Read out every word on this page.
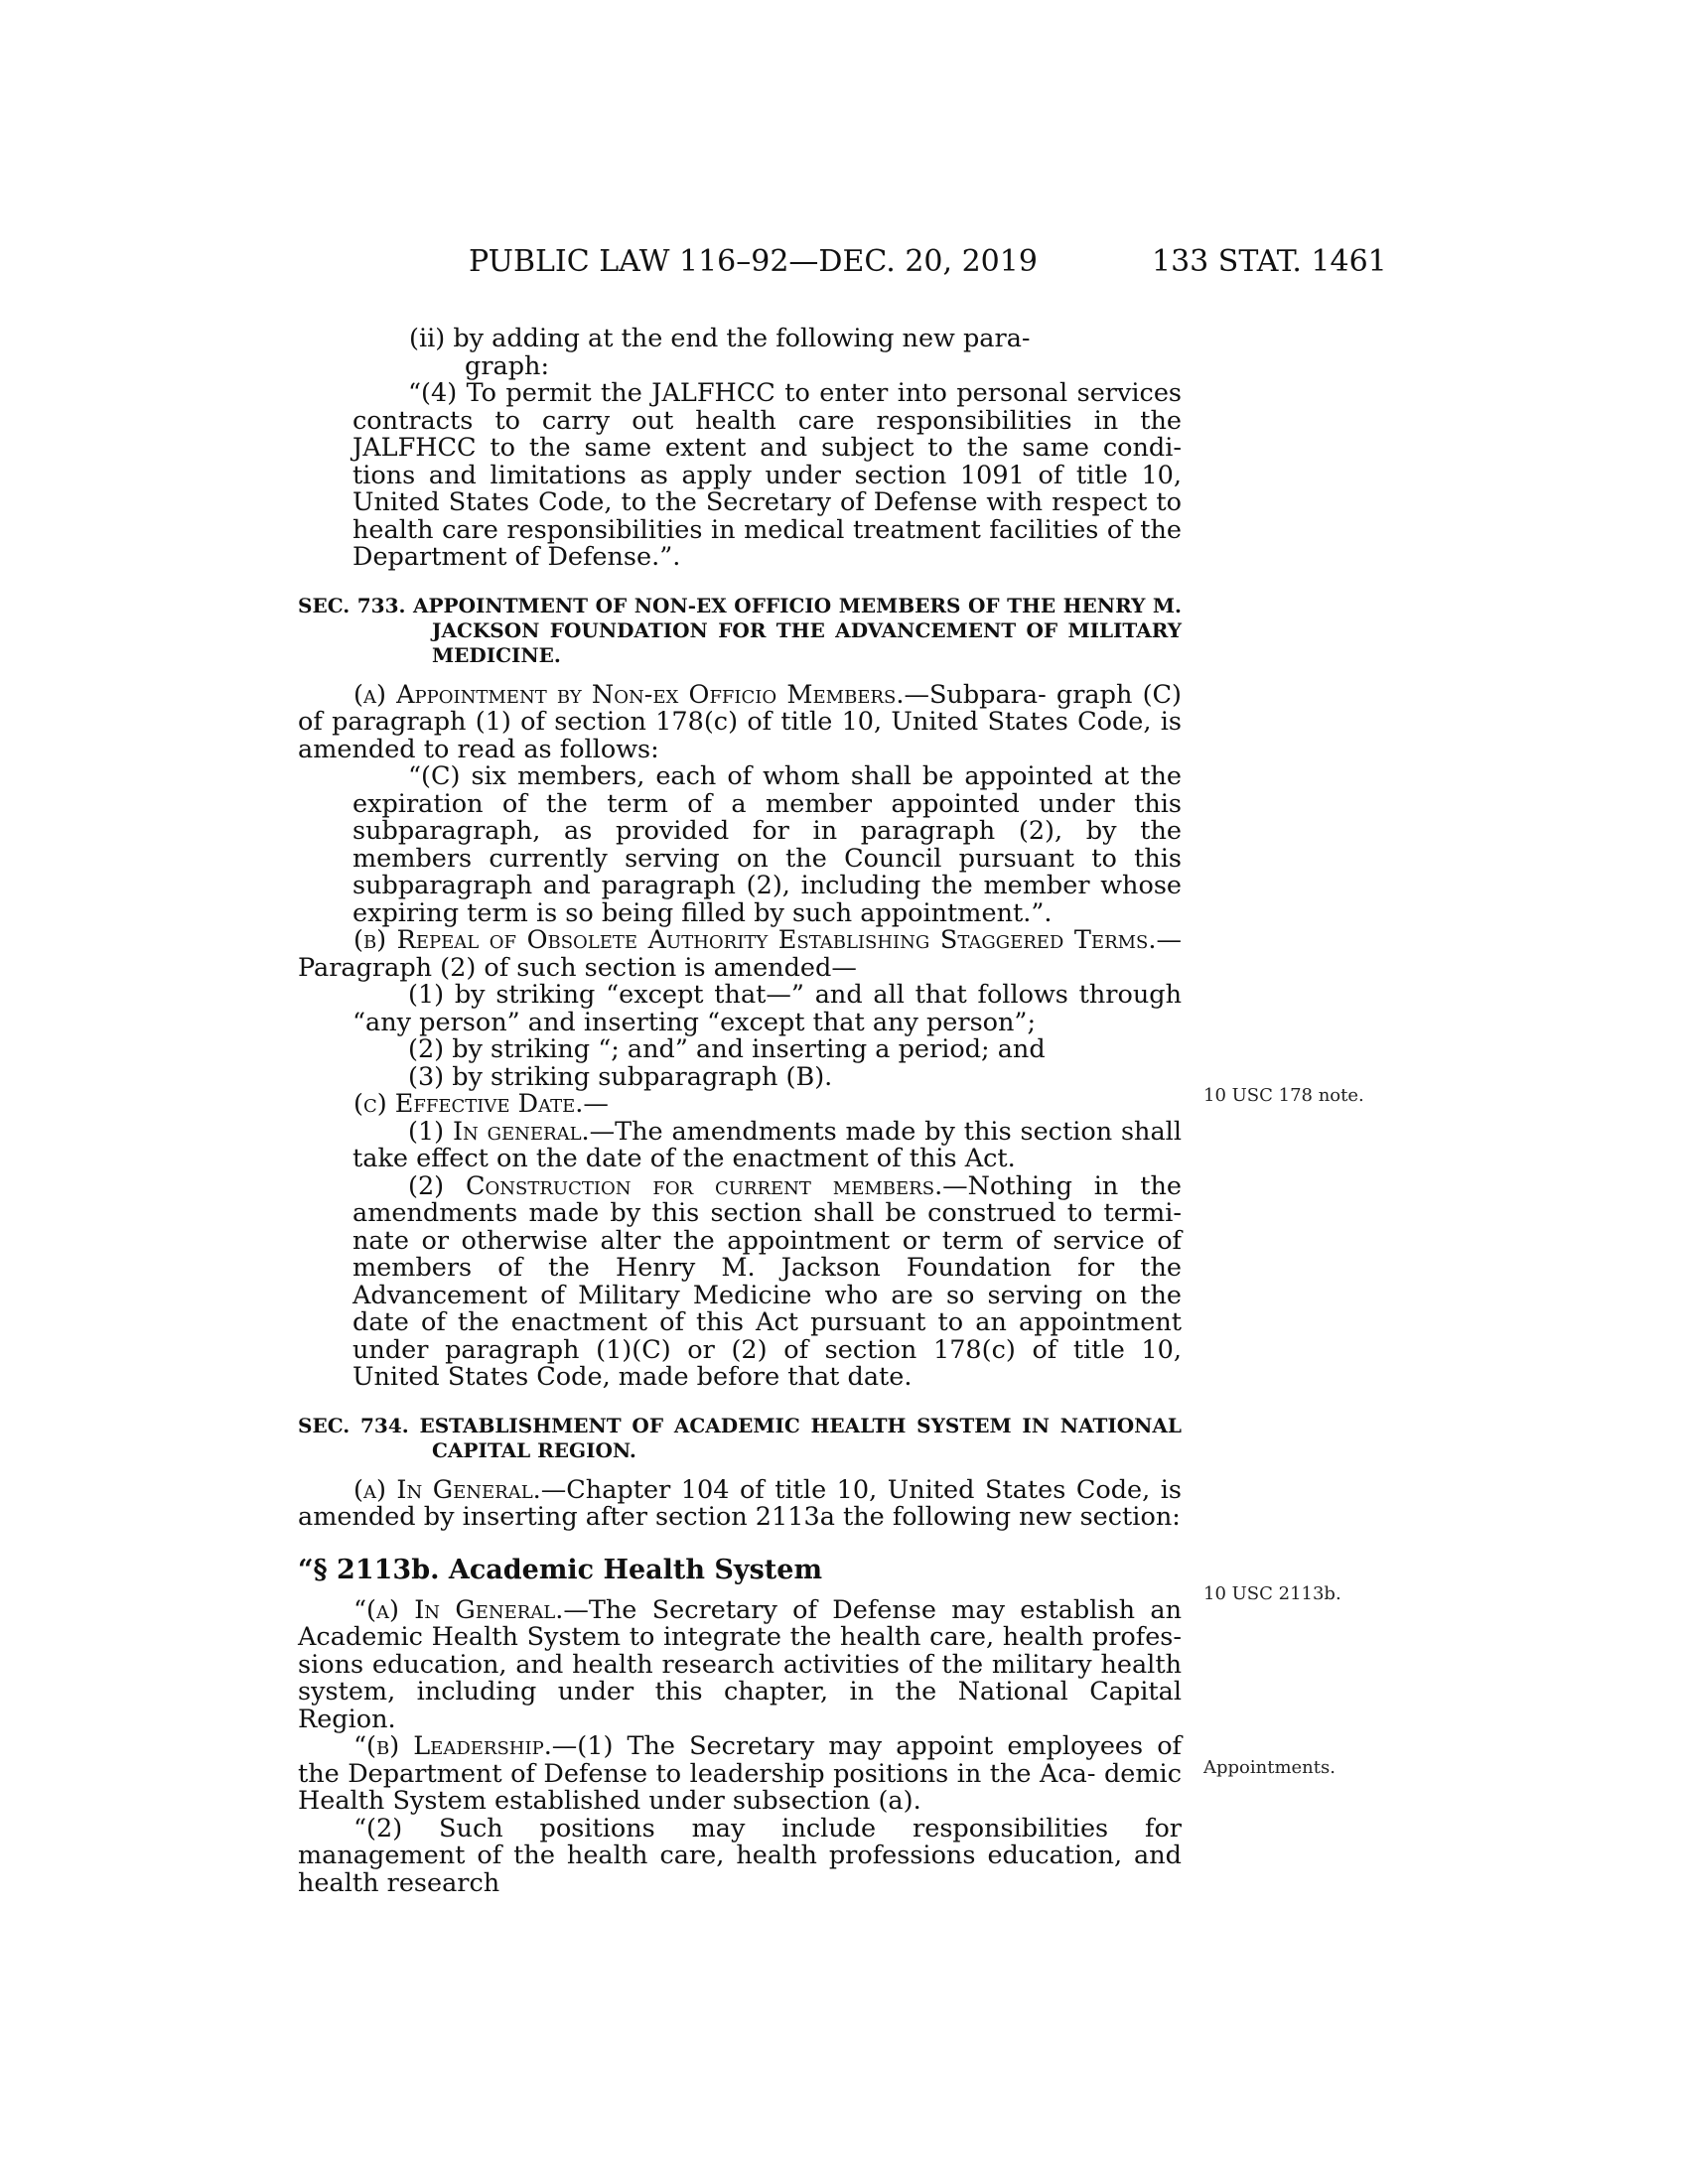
PUBLIC LAW 116–92—DEC. 20, 2019	133 STAT. 1461

(ii) by adding at the end the following new para-

graph:

“(4) To permit the JALFHCC to enter into personal services contracts to carry out health care responsibilities in the JALFHCC to the same extent and subject to the same condi- tions and limitations as apply under section 1091 of title 10, United States Code, to the Secretary of Defense with respect to health care responsibilities in medical treatment facilities of the Department of Defense.”.

SEC. 733. APPOINTMENT OF NON-EX OFFICIO MEMBERS OF THE HENRY M. JACKSON FOUNDATION FOR THE ADVANCEMENT OF MILITARY MEDICINE.

(a) Appointment by Non-ex Officio Members.—Subpara- graph (C) of paragraph (1) of section 178(c) of title 10, United States Code, is amended to read as follows:

“(C) six members, each of whom shall be appointed at the expiration of the term of a member appointed under this subparagraph, as provided for in paragraph (2), by the members currently serving on the Council pursuant to this subparagraph and paragraph (2), including the member whose expiring term is so being filled by such appointment.”.

(b) Repeal of Obsolete Authority Establishing Staggered Terms.—Paragraph (2) of such section is amended—

(1) by striking “except that—” and all that follows through “any person” and inserting “except that any person”;

(2) by striking “; and” and inserting a period; and

(3) by striking subparagraph (B).

(c) Effective Date.—

(1) In general.—The amendments made by this section shall take effect on the date of the enactment of this Act.

(2) Construction for current members.—Nothing in the amendments made by this section shall be construed to termi- nate or otherwise alter the appointment or term of service of members of the Henry M. Jackson Foundation for the Advancement of Military Medicine who are so serving on the date of the enactment of this Act pursuant to an appointment under paragraph (1)(C) or (2) of section 178(c) of title 10, United States Code, made before that date.

SEC. 734. ESTABLISHMENT OF ACADEMIC HEALTH SYSTEM IN NATIONAL CAPITAL REGION.

(a) In General.—Chapter 104 of title 10, United States Code, is amended by inserting after section 2113a the following new section:

“§ 2113b. Academic Health System

“(a) In General.—The Secretary of Defense may establish an Academic Health System to integrate the health care, health profes- sions education, and health research activities of the military health system, including under this chapter, in the National Capital Region.

“(b) Leadership.—(1) The Secretary may appoint employees of the Department of Defense to leadership positions in the Aca- demic Health System established under subsection (a).

“(2) Such positions may include responsibilities for management of the health care, health professions education, and health research

10 USC 178 note.
10 USC 2113b.
Appointments.
